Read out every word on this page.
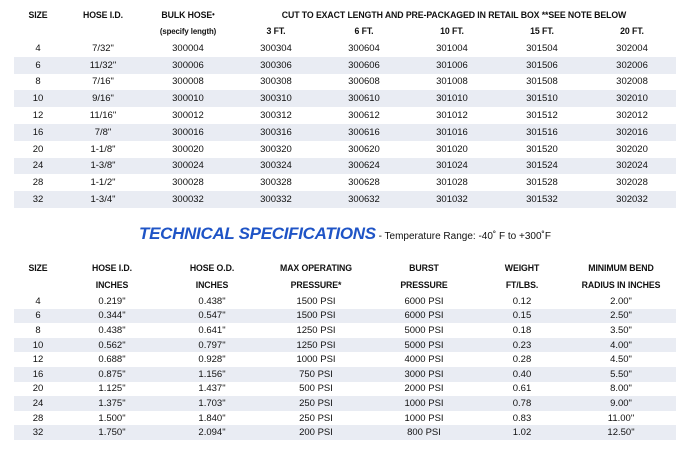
SIZE	HOSE I.D.	BULK HOSE•	CUT TO EXACT LENGTH AND PRE-PACKAGED IN RETAIL BOX **SEE NOTE BELOW				
		(specify length)	3 FT.	6 FT.	10 FT.	15 FT.	20 FT.
4	7/32"	300004	300304	300604	301004	301504	302004
6	11/32"	300006	300306	300606	301006	301506	302006
8	7/16"	300008	300308	300608	301008	301508	302008
10	9/16"	300010	300310	300610	301010	301510	302010
12	11/16"	300012	300312	300612	301012	301512	302012
16	7/8"	300016	300316	300616	301016	301516	302016
20	1-1/8"	300020	300320	300620	301020	301520	302020
24	1-3/8"	300024	300324	300624	301024	301524	302024
28	1-1/2"	300028	300328	300628	301028	301528	302028
32	1-3/4"	300032	300332	300632	301032	301532	302032
TECHNICAL SPECIFICATIONS - Temperature Range: -40˚ F to +300˚F
SIZE	HOSE I.D.	HOSE O.D.	MAX OPERATING	BURST	WEIGHT	MINIMUM BEND
	INCHES	INCHES	PRESSURE*	PRESSURE	FT/LBS.	RADIUS IN INCHES
4	0.219"	0.438"	1500 PSI	6000 PSI	0.12	2.00"
6	0.344"	0.547"	1500 PSI	6000 PSI	0.15	2.50"
8	0.438"	0.641"	1250 PSI	5000 PSI	0.18	3.50"
10	0.562"	0.797"	1250 PSI	5000 PSI	0.23	4.00"
12	0.688"	0.928"	1000 PSI	4000 PSI	0.28	4.50"
16	0.875"	1.156"	750 PSI	3000 PSI	0.40	5.50"
20	1.125"	1.437"	500 PSI	2000 PSI	0.61	8.00"
24	1.375"	1.703"	250 PSI	1000 PSI	0.78	9.00"
28	1.500"	1.840"	250 PSI	1000 PSI	0.83	11.00"
32	1.750"	2.094"	200 PSI	800 PSI	1.02	12.50"
